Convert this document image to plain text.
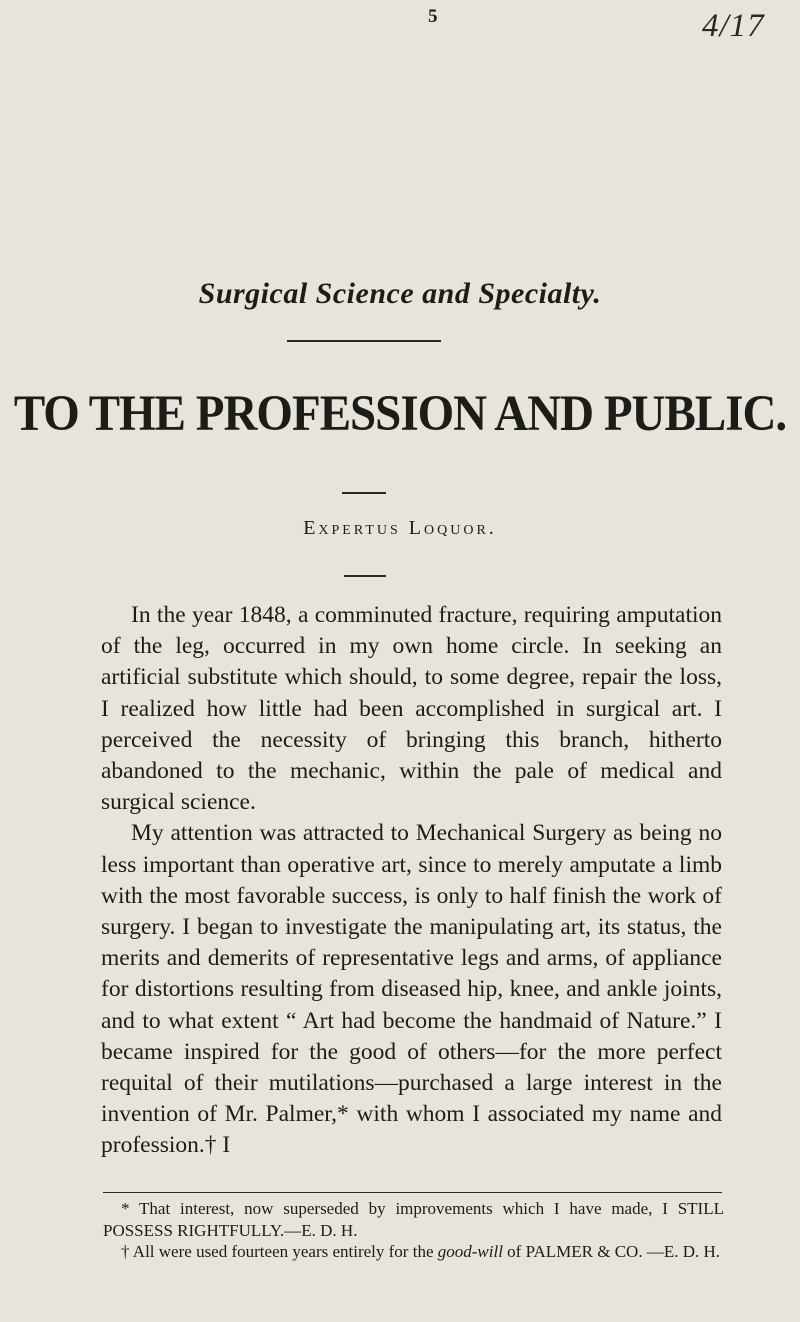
5	4/17
Surgical Science and Specialty.
TO THE PROFESSION AND PUBLIC.
Expertus Loquor.

In the year 1848, a comminuted fracture, requiring amputation of the leg, occurred in my own home circle. In seeking an artificial substitute which should, to some degree, repair the loss, I realized how little had been accomplished in surgical art. I perceived the necessity of bringing this branch, hitherto abandoned to the mechanic, within the pale of medical and surgical science.

My attention was attracted to Mechanical Surgery as being no less important than operative art, since to merely amputate a limb with the most favorable success, is only to half finish the work of surgery. I began to investigate the manipulating art, its status, the merits and demerits of representative legs and arms, of appliance for distortions resulting from diseased hip, knee, and ankle joints, and to what extent “ Art had become the handmaid of Nature.” I became inspired for the good of others—for the more perfect requital of their mutilations—purchased a large interest in the invention of Mr. Palmer,* with whom I associated my name and profession.† I

* That interest, now superseded by improvements which I have made, I STILL POSSESS RIGHTFULLY.—E. D. H.

† All were used fourteen years entirely for the good-will of PALMER & CO. —E. D. H.
